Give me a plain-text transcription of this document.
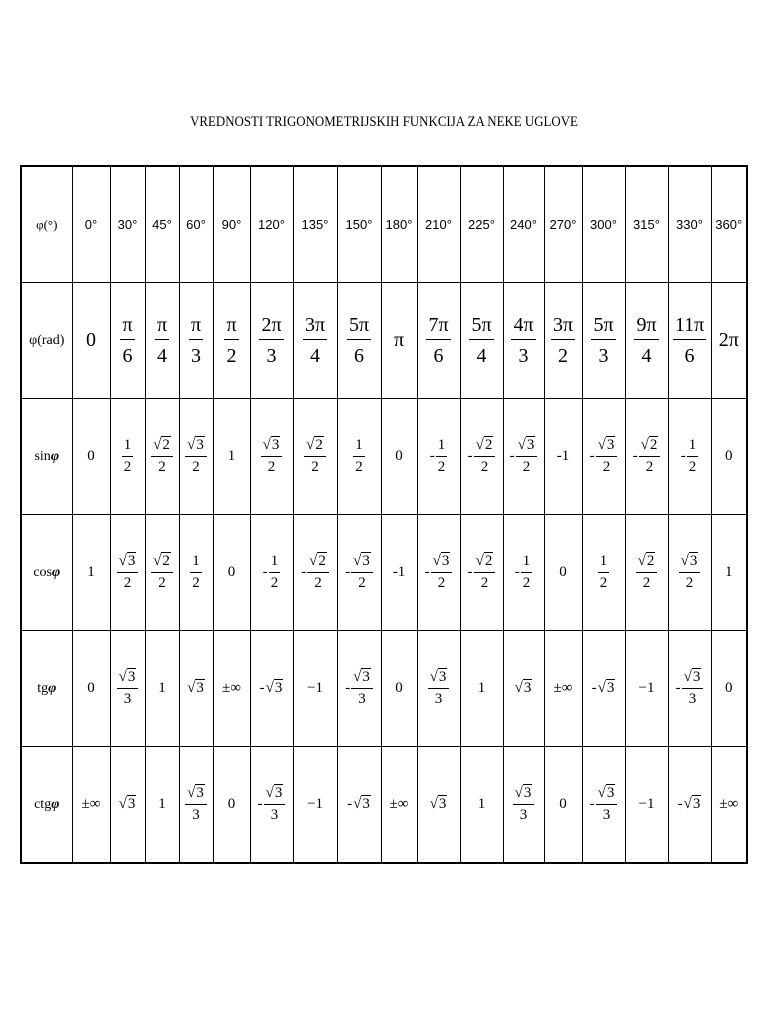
VREDNOSTI TRIGONOMETRIJSKIH FUNKCIJA ZA NEKE UGLOVE
φ(°)	0°	30°	45°	60°	90°	120°	135°	150°	180°	210°	225°	240°	270°	300°	315°	330°	360°
φ(rad)	0	$\frac{\pi}{6}$	$\frac{\pi}{4}$	$\frac{\pi}{3}$	$\frac{\pi}{2}$	$\frac{2\pi}{3}$	$\frac{3\pi}{4}$	$\frac{5\pi}{6}$	π	$\frac{7\pi}{6}$	$\frac{5\pi}{4}$	$\frac{4\pi}{3}$	$\frac{3\pi}{2}$	$\frac{5\pi}{3}$	$\frac{9\pi}{4}$	$\frac{11\pi}{6}$	2π
sinφ	0	$\frac{1}{2}$	$\frac{√2}{2}$	$\frac{√3}{2}$	1	$\frac{√3}{2}$	$\frac{√2}{2}$	$\frac{1}{2}$	0	- $\frac{1}{2}$	- $\frac{√2}{2}$	- $\frac{√3}{2}$	-1	- $\frac{√3}{2}$	- $\frac{√2}{2}$	- $\frac{1}{2}$	0
cosφ	1	$\frac{√3}{2}$	$\frac{√2}{2}$	$\frac{1}{2}$	0	- $\frac{1}{2}$	- $\frac{√2}{2}$	- $\frac{√3}{2}$	-1	- $\frac{√3}{2}$	- $\frac{√2}{2}$	- $\frac{1}{2}$	0	$\frac{1}{2}$	$\frac{√2}{2}$	$\frac{√3}{2}$	1
tgφ	0	$\frac{√3}{3}$	1	√3	±∞	-√3	−1	- $\frac{√3}{3}$	0	$\frac{√3}{3}$	1	√3	±∞	-√3	−1	- $\frac{√3}{3}$	0
ctgφ	±∞	√3	1	$\frac{√3}{3}$	0	- $\frac{√3}{3}$	−1	-√3	±∞	√3	1	$\frac{√3}{3}$	0	- $\frac{√3}{3}$	−1	-√3	±∞
